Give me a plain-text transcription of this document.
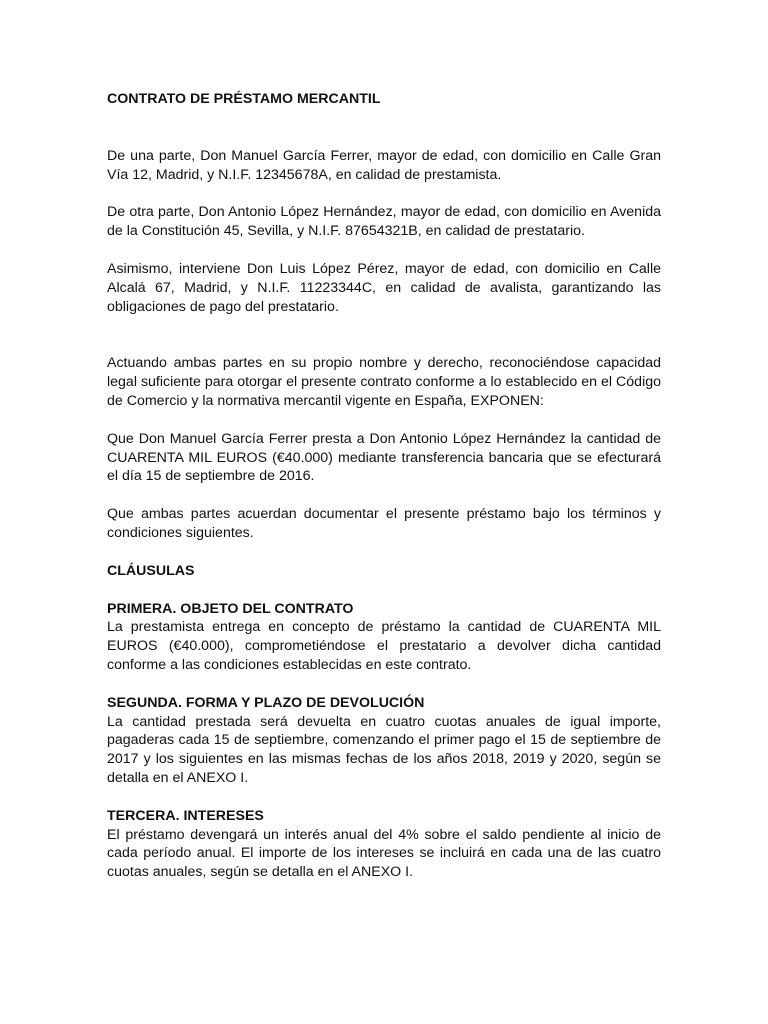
CONTRATO DE PRÉSTAMO MERCANTIL

De una parte, Don Manuel García Ferrer, mayor de edad, con domicilio en Calle Gran Vía 12, Madrid, y N.I.F. 12345678A, en calidad de prestamista.

De otra parte, Don Antonio López Hernández, mayor de edad, con domicilio en Avenida de la Constitución 45, Sevilla, y N.I.F. 87654321B, en calidad de prestatario.

Asimismo, interviene Don Luis López Pérez, mayor de edad, con domicilio en Calle Alcalá 67, Madrid, y N.I.F. 11223344C, en calidad de avalista, garantizando las obligaciones de pago del prestatario.

Actuando ambas partes en su propio nombre y derecho, reconociéndose capacidad legal suficiente para otorgar el presente contrato conforme a lo establecido en el Código de Comercio y la normativa mercantil vigente en España, EXPONEN:

Que Don Manuel García Ferrer presta a Don Antonio López Hernández la cantidad de CUARENTA MIL EUROS (€40.000) mediante transferencia bancaria que se efecturará el día 15 de septiembre de 2016.

Que ambas partes acuerdan documentar el presente préstamo bajo los términos y condiciones siguientes.

CLÁUSULAS

PRIMERA. OBJETO DEL CONTRATO

La prestamista entrega en concepto de préstamo la cantidad de CUARENTA MIL EUROS (€40.000), comprometiéndose el prestatario a devolver dicha cantidad conforme a las condiciones establecidas en este contrato.

SEGUNDA. FORMA Y PLAZO DE DEVOLUCIÓN

La cantidad prestada será devuelta en cuatro cuotas anuales de igual importe, pagaderas cada 15 de septiembre, comenzando el primer pago el 15 de septiembre de 2017 y los siguientes en las mismas fechas de los años 2018, 2019 y 2020, según se detalla en el ANEXO I.

TERCERA. INTERESES

El préstamo devengará un interés anual del 4% sobre el saldo pendiente al inicio de cada período anual. El importe de los intereses se incluirá en cada una de las cuatro cuotas anuales, según se detalla en el ANEXO I.
